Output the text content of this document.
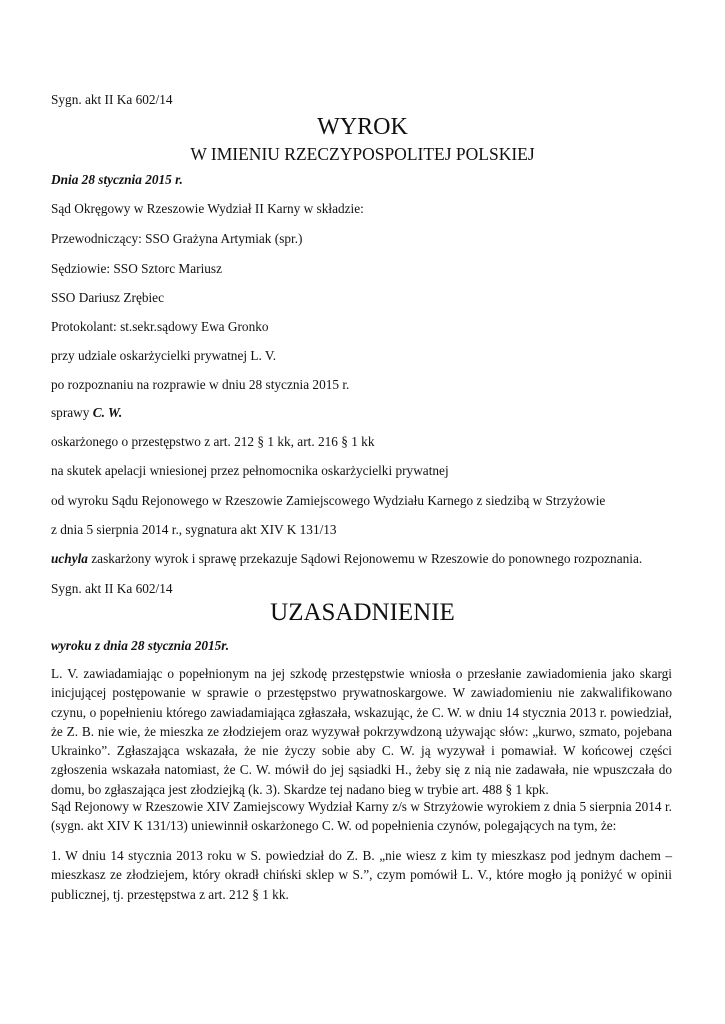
Sygn. akt II Ka 602/14
WYROK
W IMIENIU RZECZYPOSPOLITEJ POLSKIEJ
Dnia 28 stycznia 2015 r.
Sąd Okręgowy w Rzeszowie Wydział II Karny w składzie:
Przewodniczący: SSO Grażyna Artymiak (spr.)
Sędziowie: SSO Sztorc Mariusz
SSO Dariusz Zrębiec
Protokolant: st.sekr.sądowy Ewa Gronko
przy udziale oskarżycielki prywatnej L. V.
po rozpoznaniu na rozprawie w dniu 28 stycznia 2015 r.
sprawy C. W.
oskarżonego o przestępstwo z art. 212 § 1 kk, art. 216 § 1 kk
na skutek apelacji wniesionej przez pełnomocnika oskarżycielki prywatnej
od wyroku Sądu Rejonowego w Rzeszowie Zamiejscowego Wydziału Karnego z siedzibą w Strzyżowie
z dnia 5 sierpnia 2014 r., sygnatura akt XIV K 131/13
uchyla zaskarżony wyrok i sprawę przekazuje Sądowi Rejonowemu w Rzeszowie do ponownego rozpoznania.
Sygn. akt II Ka 602/14
UZASADNIENIE
wyroku z dnia 28 stycznia 2015r.
L. V. zawiadamiając o popełnionym na jej szkodę przestępstwie wniosła o przesłanie zawiadomienia jako skargi inicjującej postępowanie w sprawie o przestępstwo prywatnoskargowe. W zawiadomieniu nie zakwalifikowano czynu, o popełnieniu którego zawiadamiająca zgłaszała, wskazując, że C. W. w dniu 14 stycznia 2013 r. powiedział, że Z. B. nie wie, że mieszka ze złodziejem oraz wyzywał pokrzywdzoną używając słów: „kurwo, szmato, pojebana Ukrainko”. Zgłaszająca wskazała, że nie życzy sobie aby C. W. ją wyzywał i pomawiał. W końcowej części zgłoszenia wskazała natomiast, że C. W. mówił do jej sąsiadki H., żeby się z nią nie zadawała, nie wpuszczała do domu, bo zgłaszająca jest złodziejką (k. 3). Skardze tej nadano bieg w trybie art. 488 § 1 kpk.
Sąd Rejonowy w Rzeszowie XIV Zamiejscowy Wydział Karny z/s w Strzyżowie wyrokiem z dnia 5 sierpnia 2014 r. (sygn. akt XIV K 131/13) uniewinnił oskarżonego C. W. od popełnienia czynów, polegających na tym, że:
1. W dniu 14 stycznia 2013 roku w S. powiedział do Z. B. „nie wiesz z kim ty mieszkasz pod jednym dachem – mieszkasz ze złodziejem, który okradł chiński sklep w S.”, czym pomówił L. V., które mogło ją poniżyć w opinii publicznej, tj. przestępstwa z art. 212 § 1 kk.
